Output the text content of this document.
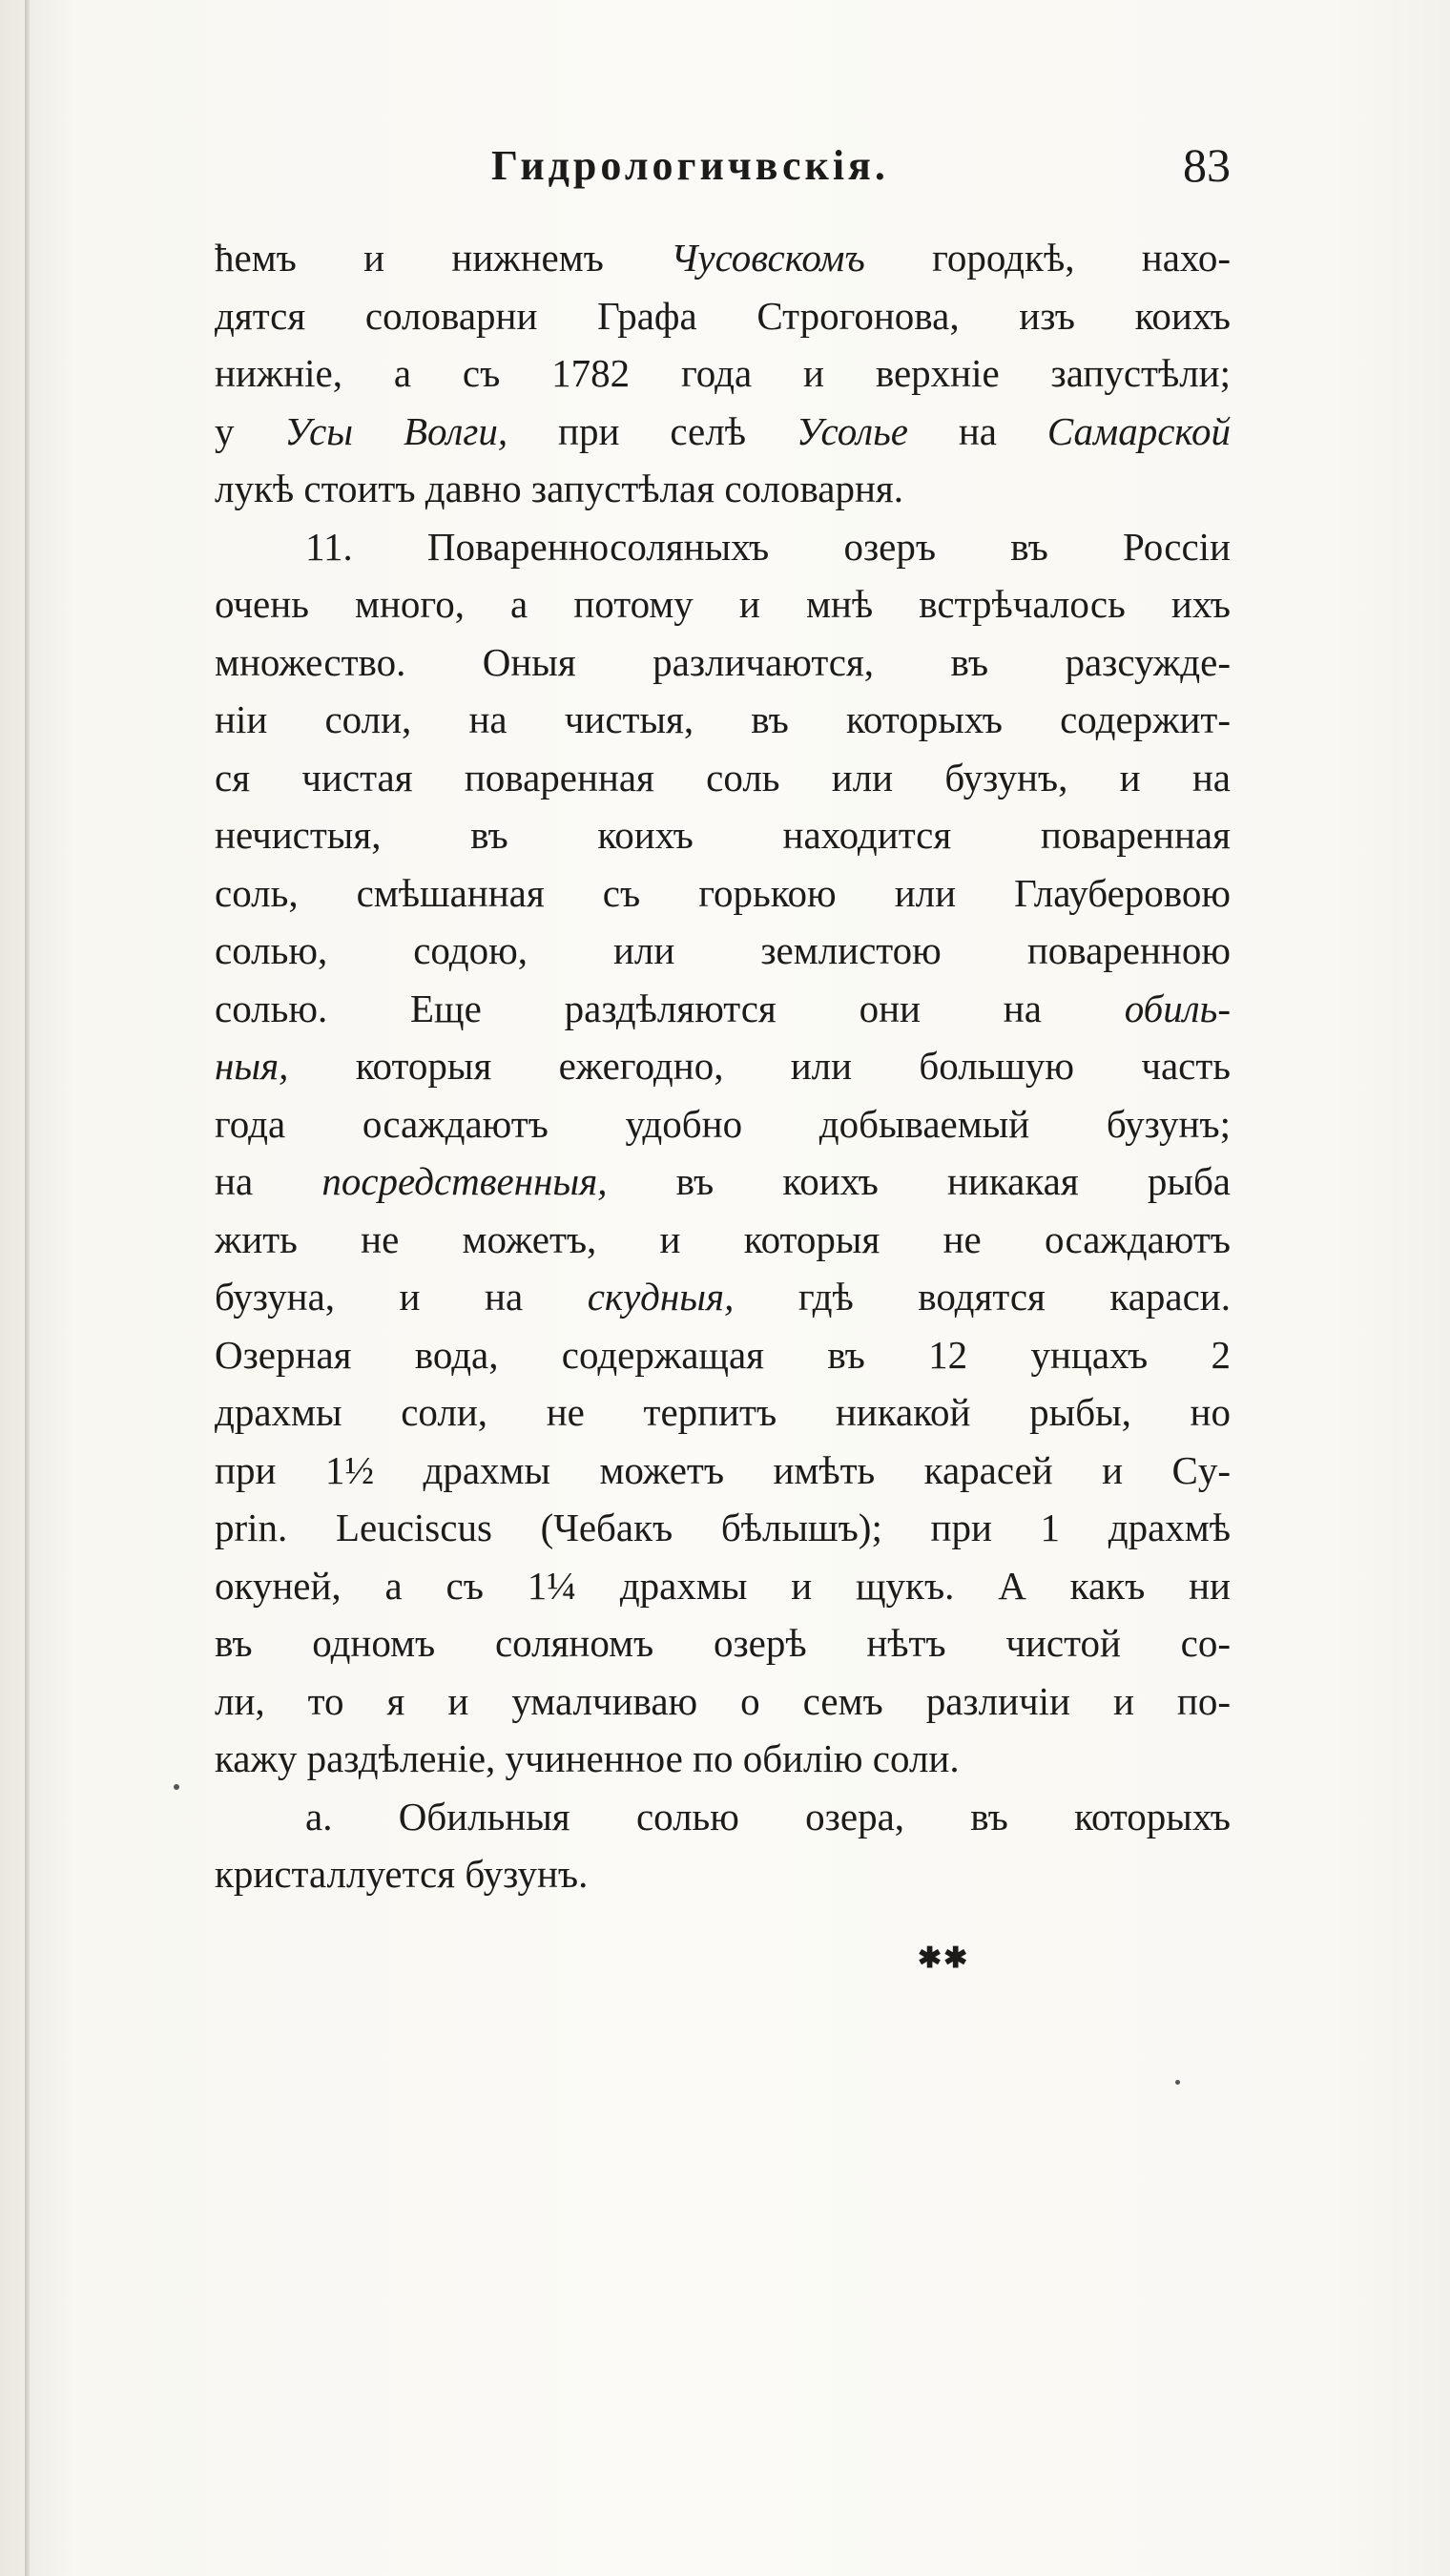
Гидрологичвскія.	83
ħемъ и нижнемъ Чусовскомъ городкѣ, нахо-
дятся соловарни Графа Строгонова, изъ коихъ
нижніе, а съ 1782 года и верхніе запустѣли;
у Усы Волги, при селѣ Усолье на Самарской
лукѣ стоитъ давно запустѣлая соловарня.
11. Поваренносоляныхъ озеръ въ Россіи
очень много, а потому и мнѣ встрѣчалось ихъ
множество. Оныя различаются, въ разсужде-
ніи соли, на чистыя, въ которыхъ содержит-
ся чистая поваренная соль или бузунъ, и на
нечистыя, въ коихъ находится поваренная
соль, смѣшанная съ горькою или Глауберовою
солью, содою, или землистою поваренною
солью. Еще раздѣляются они на обиль-
ныя, которыя ежегодно, или большую часть
года осаждаютъ удобно добываемый бузунъ;
на посредственныя, въ коихъ никакая рыба
жить не можетъ, и которыя не осаждаютъ
бузуна, и на скудныя, гдѣ водятся караси.
Озерная вода, содержащая въ 12 унцахъ 2
драхмы соли, не терпитъ никакой рыбы, но
при 1½ драхмы можетъ имѣть карасей и Cy-
prin. Leuciscus (Чебакъ бѣлышъ); при 1 драхмѣ
окуней, а съ 1¼ драхмы и щукъ. А какъ ни
въ одномъ соляномъ озерѣ нѣтъ чистой со-
ли, то я и умалчиваю о семъ различіи и по-
кажу раздѣленіе, учиненное по обилію соли.
а. Обильныя солью озера, въ которыхъ
кристаллуется бузунъ.
✱✱
